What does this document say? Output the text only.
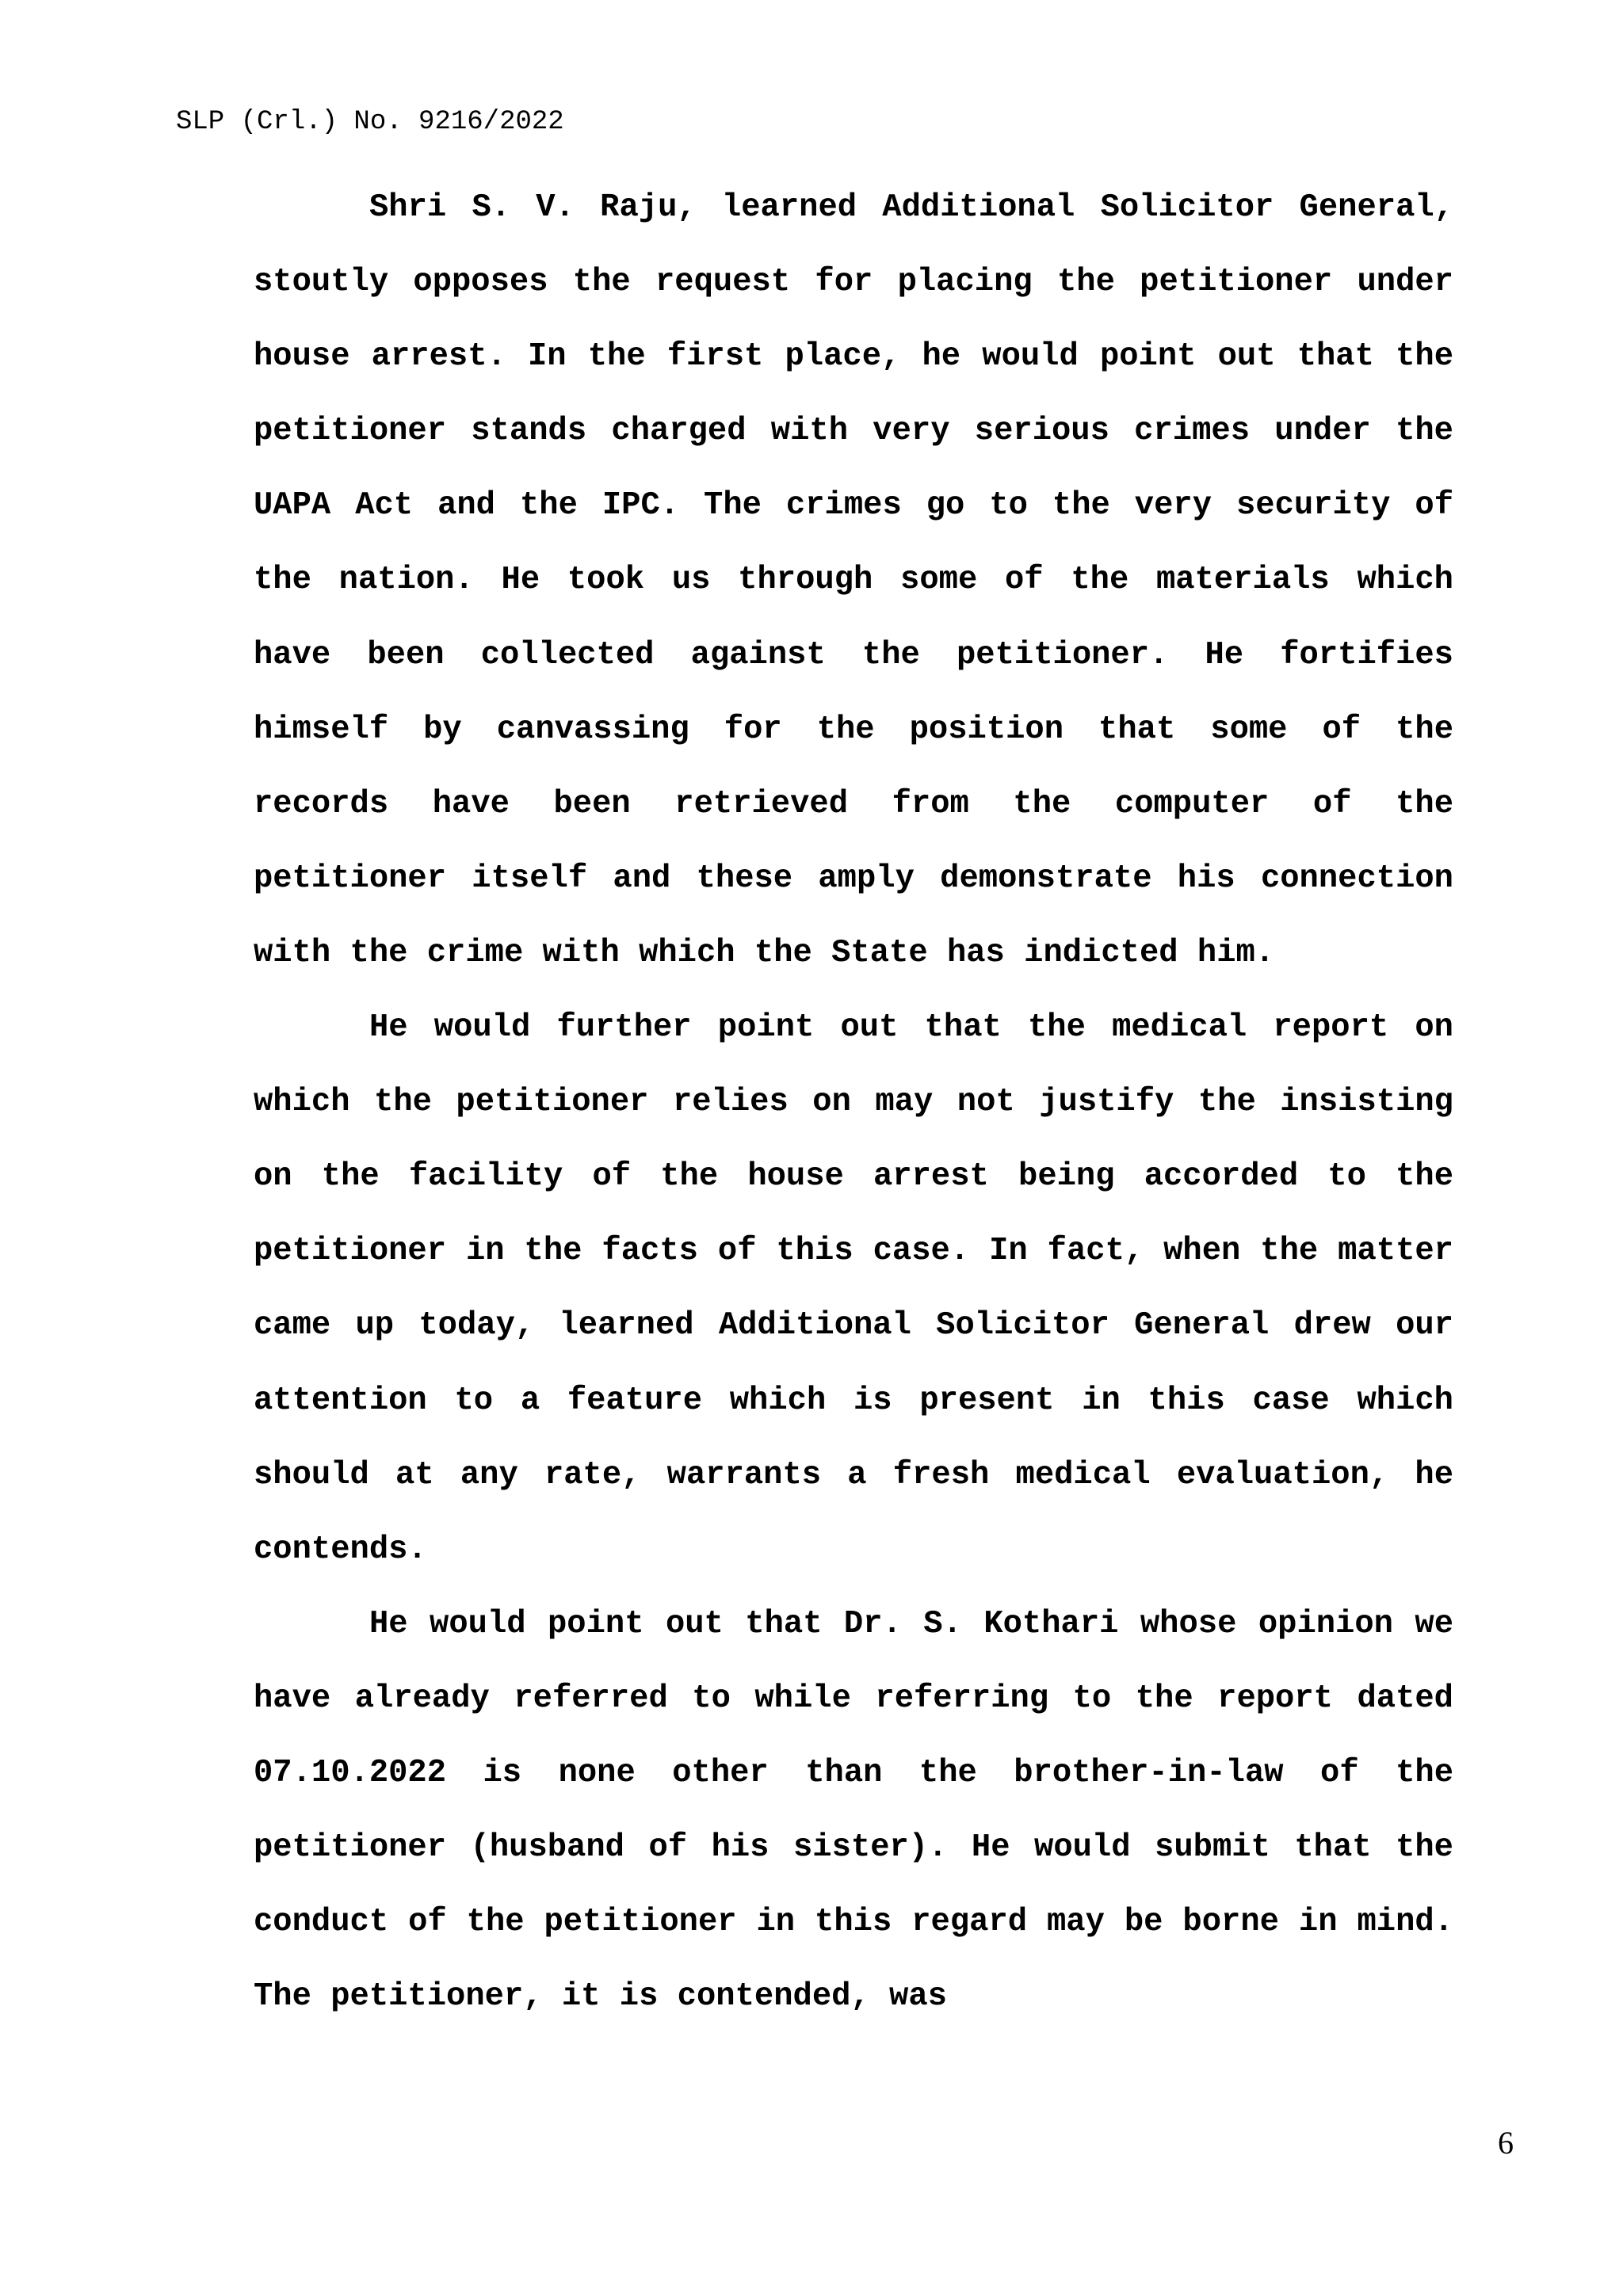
SLP (Crl.) No. 9216/2022

Shri S. V. Raju, learned Additional Solicitor General, stoutly opposes the request for placing the petitioner under house arrest. In the first place, he would point out that the petitioner stands charged with very serious crimes under the UAPA Act and the IPC. The crimes go to the very security of the nation. He took us through some of the materials which have been collected against the petitioner. He fortifies himself by canvassing for the position that some of the records have been retrieved from the computer of the petitioner itself and these amply demonstrate his connection with the crime with which the State has indicted him.

He would further point out that the medical report on which the petitioner relies on may not justify the insisting on the facility of the house arrest being accorded to the petitioner in the facts of this case. In fact, when the matter came up today, learned Additional Solicitor General drew our attention to a feature which is present in this case which should at any rate, warrants a fresh medical evaluation, he contends.

He would point out that Dr. S. Kothari whose opinion we have already referred to while referring to the report dated 07.10.2022 is none other than the brother-in-law of the petitioner (husband of his sister). He would submit that the conduct of the petitioner in this regard may be borne in mind. The petitioner, it is contended, was

6
